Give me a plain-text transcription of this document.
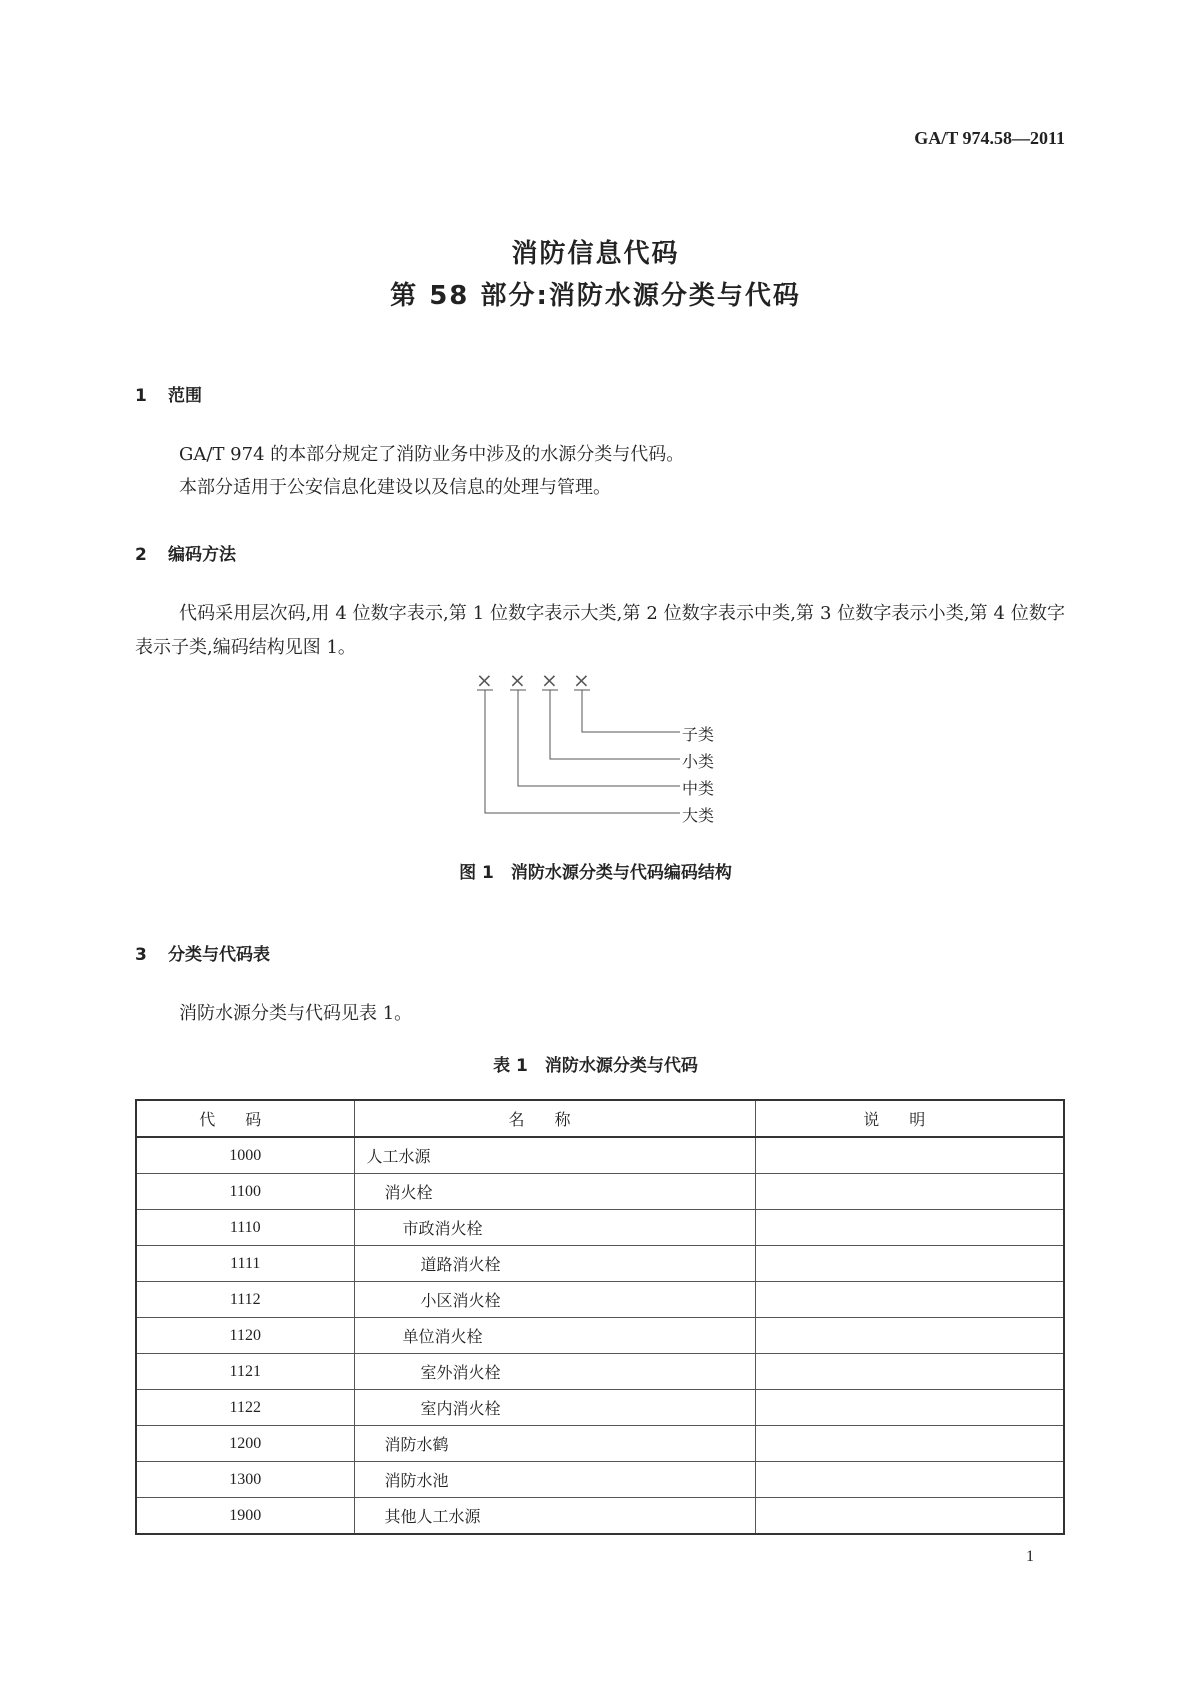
GA/T 974.58—2011
消防信息代码
第 58 部分:消防水源分类与代码
1 范围
GA/T 974 的本部分规定了消防业务中涉及的水源分类与代码。
本部分适用于公安信息化建设以及信息的处理与管理。
2 编码方法
代码采用层次码,用 4 位数字表示,第 1 位数字表示大类,第 2 位数字表示中类,第 3 位数字表示小类,第 4 位数字表示子类,编码结构见图 1。
× × × ×
子类
小类
中类
大类
图 1　消防水源分类与代码编码结构
3 分类与代码表
消防水源分类与代码见表 1。
表 1　消防水源分类与代码
代码	名称	说明
1000	人工水源	
1100	消火栓	
1110	市政消火栓	
1111	道路消火栓	
1112	小区消火栓	
1120	单位消火栓	
1121	室外消火栓	
1122	室内消火栓	
1200	消防水鹤	
1300	消防水池	
1900	其他人工水源	
1
